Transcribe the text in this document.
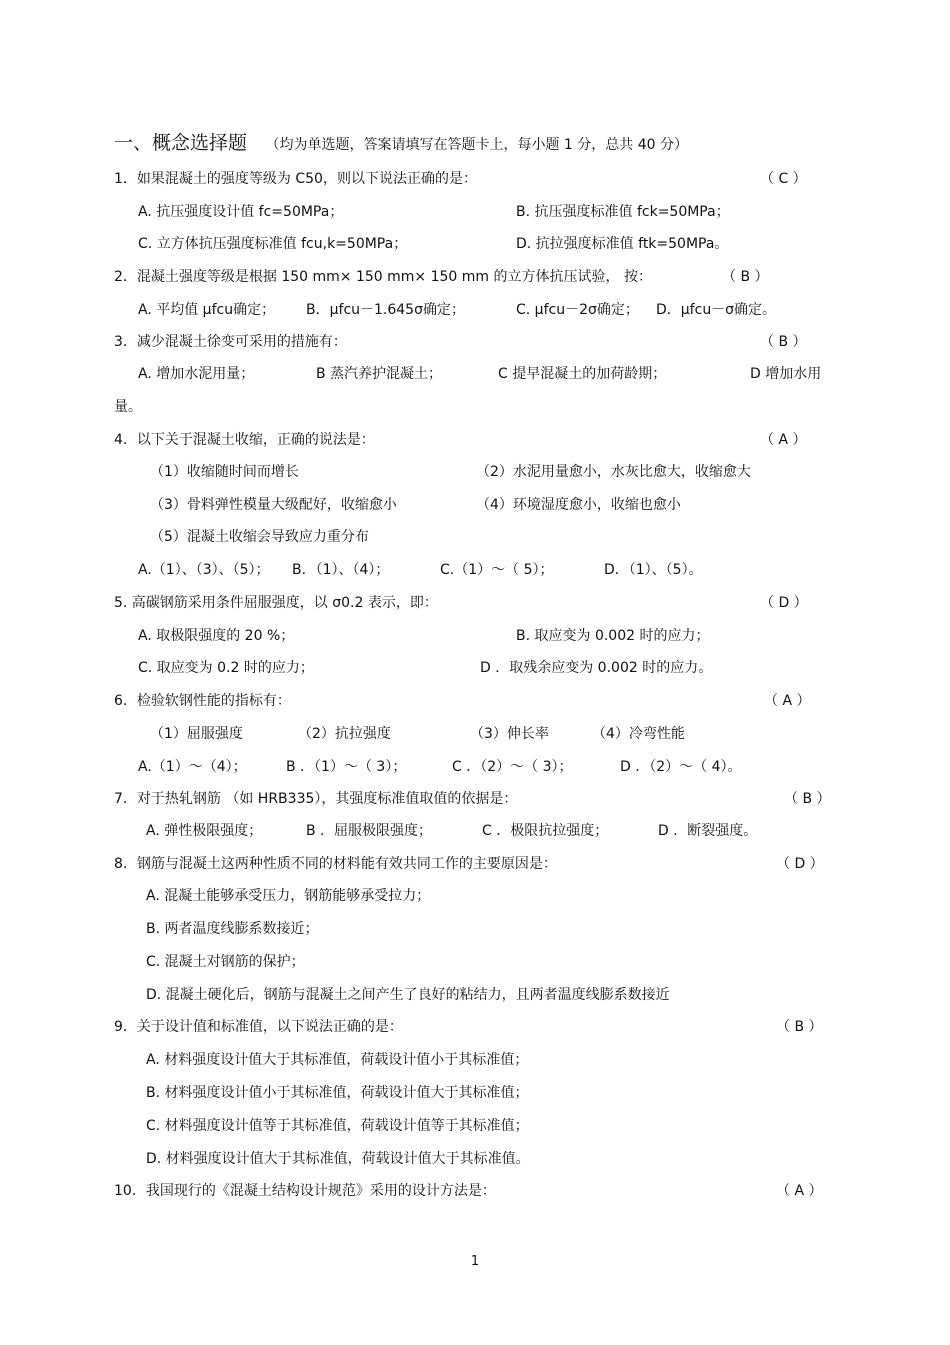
一、概念选择题 （均为单选题，答案请填写在答题卡上，每小题 1 分，总共 40 分）
1．如果混凝土的强度等级为 C50，则以下说法正确的是：	（ C ）
A. 抗压强度设计值 fc=50MPa；	B. 抗压强度标准值 fck=50MPa；
C. 立方体抗压强度标准值 fcu,k=50MPa；	D. 抗拉强度标准值 ftk=50MPa。
2．混凝土强度等级是根据 150 mm× 150 mm× 150 mm 的立方体抗压试验， 按：	（ B ）
A. 平均值 μfcu确定； B．μfcu－1.645σ确定；	C. μfcu－2σ确定； D．μfcu－σ确定。
3．减少混凝土徐变可采用的措施有：	（ B ）
A. 增加水泥用量；	B 蒸汽养护混凝土；	C 提早混凝土的加荷龄期；	D 增加水用
量。
4．以下关于混凝土收缩，正确的说法是：	（ A ）
（1）收缩随时间而增长	（2）水泥用量愈小，水灰比愈大，收缩愈大
（3）骨料弹性模量大级配好，收缩愈小	（4）环境湿度愈小，收缩也愈小
（5）混凝土收缩会导致应力重分布
A.（1）、（3）、（5）； B．（1）、（4）；	C.（1）～（ 5）；	D．（1）、（5）。
5. 高碳钢筋采用条件屈服强度，以 σ0.2 表示，即：	（ D ）
A. 取极限强度的 20 %；	B. 取应变为 0.002 时的应力；
C. 取应变为 0.2 时的应力；	D ．取残余应变为 0.002 时的应力。
6．检验软钢性能的指标有：	（ A ）
（1）屈服强度	（2）抗拉强度	（3）伸长率	（4）冷弯性能
A.（1）～（4）；	B ．（1）～（ 3）；	C ．（2）～（ 3）；	D ．（2）～（ 4）。
7．对于热轧钢筋 （如 HRB335），其强度标准值取值的依据是：	（ B ）
A. 弹性极限强度；	B ．屈服极限强度；	C ．极限抗拉强度；	D ．断裂强度。
8．钢筋与混凝土这两种性质不同的材料能有效共同工作的主要原因是：	（ D ）
A. 混凝土能够承受压力，钢筋能够承受拉力；
B. 两者温度线膨系数接近；
C. 混凝土对钢筋的保护；
D. 混凝土硬化后，钢筋与混凝土之间产生了良好的粘结力，且两者温度线膨系数接近
9．关于设计值和标准值，以下说法正确的是：	（ B ）
A. 材料强度设计值大于其标准值，荷载设计值小于其标准值；
B. 材料强度设计值小于其标准值，荷载设计值大于其标准值；
C. 材料强度设计值等于其标准值，荷载设计值等于其标准值；
D. 材料强度设计值大于其标准值，荷载设计值大于其标准值。
10．我国现行的《混凝土结构设计规范》采用的设计方法是：	（ A ）
1
